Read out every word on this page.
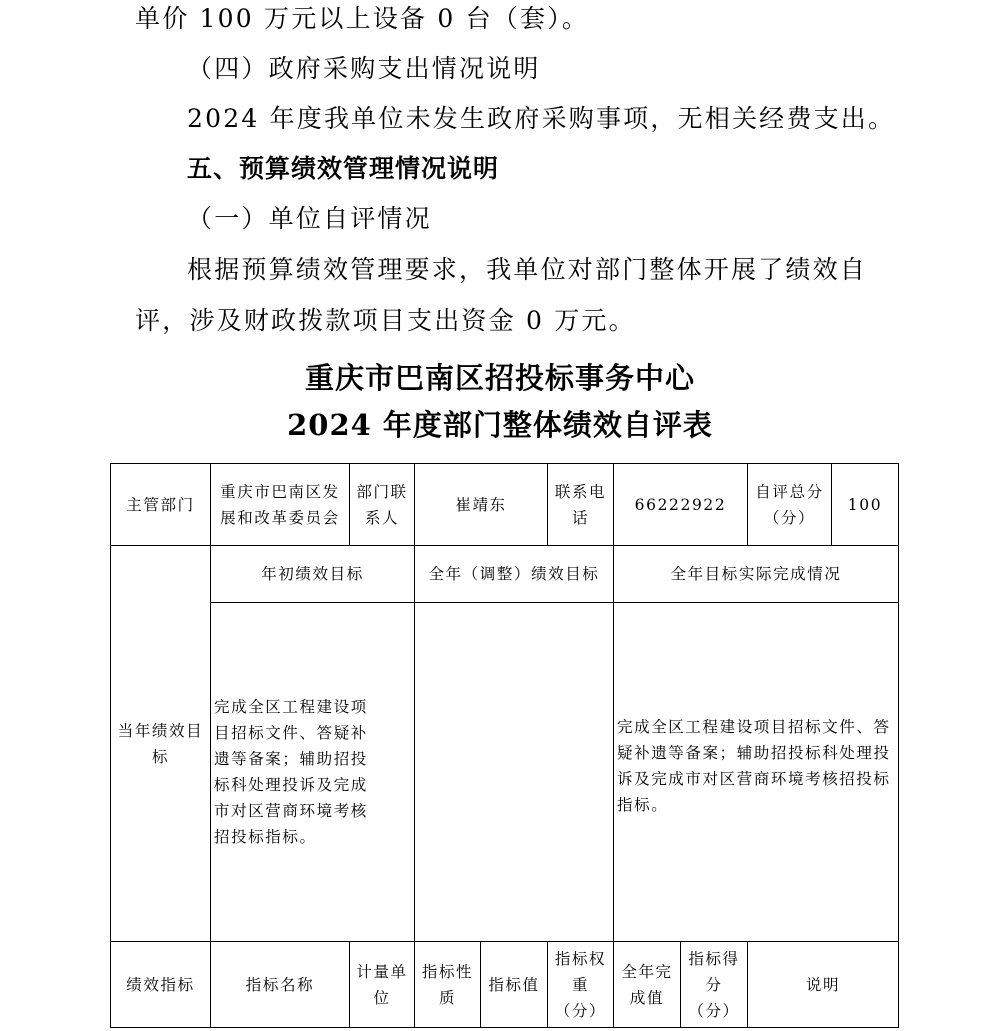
单价 100 万元以上设备 0 台（套）。
（四）政府采购支出情况说明
2024 年度我单位未发生政府采购事项，无相关经费支出。
五、预算绩效管理情况说明
（一）单位自评情况
根据预算绩效管理要求，我单位对部门整体开展了绩效自
评，涉及财政拨款项目支出资金 0 万元。
重庆市巴南区招投标事务中心
2024 年度部门整体绩效自评表
主管部门	重庆市巴南区发展和改革委员会	部门联系人	崔靖东		联系电话	66222922		自评总分（分）	100
当年绩效目标	年初绩效目标		全年（调整）绩效目标			全年目标实际完成情况			

	完成全区工程建设项目招标文件、答疑补遗等备案；辅助招投标科处理投诉及完成市对区营商环境考核招投标指标。					完成全区工程建设项目招标文件、答疑补遗等备案；辅助招投标科处理投诉及完成市对区营商环境考核招投标指标。			

绩效指标	指标名称	计量单位	指标性质	指标值	指标权重（分）	全年完成值	指标得分（分）	说明	
